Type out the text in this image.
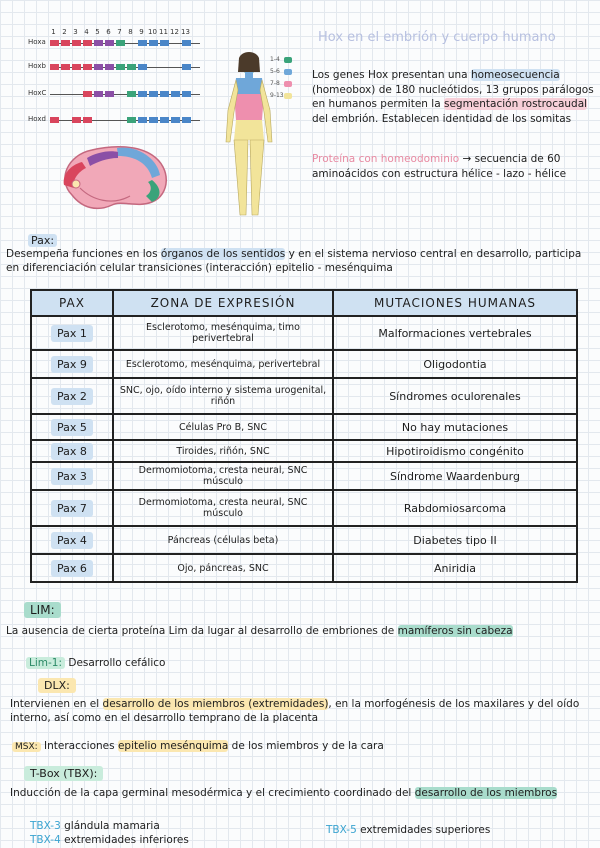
1 2 3 4 5 6 7 8 9 10 11 12 13
Hoxa
Hoxb
HoxC
Hoxd
1-4
5-6
7-8
9-13
Hox en el embrión y cuerpo humano
Los genes Hox presentan una homeosecuencia (homeobox) de 180 nucleótidos, 13 grupos parálogos en humanos permiten la segmentación rostrocaudal del embrión. Establecen identidad de los somitas
Proteína con homeodominio → secuencia de 60 aminoácidos con estructura hélice - lazo - hélice
Pax:
Desempeña funciones en los órganos de los sentidos y en el sistema nervioso central en desarrollo, participa en diferenciación celular transiciones (interacción) epitelio - mesénquima
PAX	ZONA DE EXPRESIÓN	MUTACIONES HUMANAS
Pax 1	Esclerotomo, mesénquima, timo perivertebral	Malformaciones vertebrales
Pax 9	Esclerotomo, mesénquima, perivertebral	Oligodontia
Pax 2	SNC, ojo, oído interno y sistema urogenital, riñón	Síndromes oculorenales
Pax 5	Células Pro B, SNC	No hay mutaciones
Pax 8	Tiroides, riñón, SNC	Hipotiroidismo congénito
Pax 3	Dermomiotoma, cresta neural, SNC músculo	Síndrome Waardenburg
Pax 7	Dermomiotoma, cresta neural, SNC músculo	Rabdomiosarcoma
Pax 4	Páncreas (células beta)	Diabetes tipo II
Pax 6	Ojo, páncreas, SNC	Aniridia
LIM:
La ausencia de cierta proteína Lim da lugar al desarrollo de embriones de mamíferos sin cabeza
Lim-1: Desarrollo cefálico
DLX:
Intervienen en el desarrollo de los miembros (extremidades), en la morfogénesis de los maxilares y del oído interno, así como en el desarrollo temprano de la placenta
MSX: Interacciones epitelio mesénquima de los miembros y de la cara
T-Box (TBX):
Inducción de la capa germinal mesodérmica y el crecimiento coordinado del desarrollo de los miembros
TBX-3 glándula mamaria
TBX-4 extremidades inferiores
TBX-5 extremidades superiores
